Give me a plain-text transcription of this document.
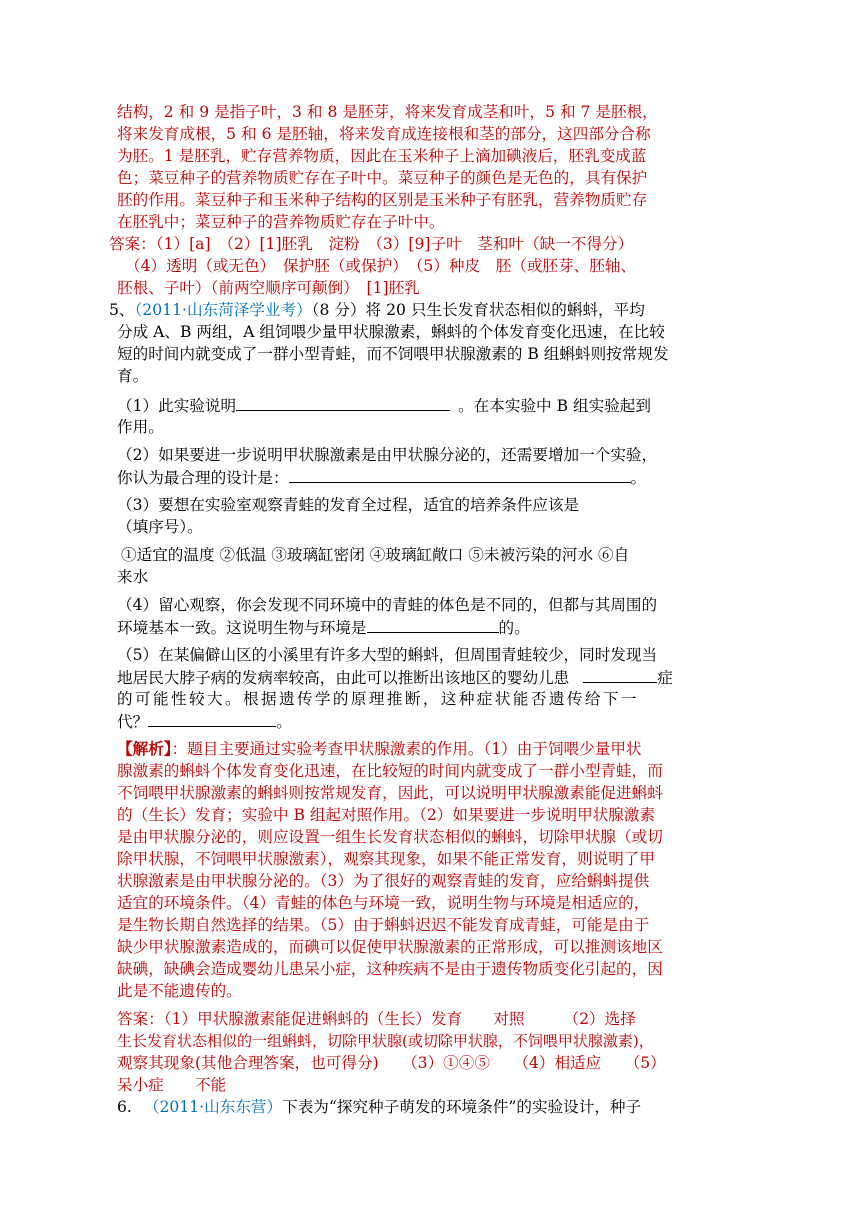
结构，2 和 9 是指子叶，3 和 8 是胚芽，将来发育成茎和叶，5 和 7 是胚根，
将来发育成根，5 和 6 是胚轴，将来发育成连接根和茎的部分，这四部分合称
为胚。1 是胚乳，贮存营养物质，因此在玉米种子上滴加碘液后，胚乳变成蓝
色；菜豆种子的营养物质贮存在子叶中。菜豆种子的颜色是无色的，具有保护
胚的作用。菜豆种子和玉米种子结构的区别是玉米种子有胚乳，营养物质贮存
在胚乳中；菜豆种子的营养物质贮存在子叶中。
答案：（1）[a]　（2）[1]胚乳　淀粉　（3）[9]子叶　茎和叶（缺一不得分）
（4）透明（或无色）　保护胚（或保护）　（5）种皮　胚（或胚芽、胚轴、
胚根、子叶）（前两空顺序可颠倒）　[1]胚乳
5、（2011·山东菏泽学业考）（8 分）将 20 只生长发育状态相似的蝌蚪，平均
分成 A、B 两组，A 组饲喂少量甲状腺激素，蝌蚪的个体发育变化迅速，在比较
短的时间内就变成了一群小型青蛙，而不饲喂甲状腺激素的 B 组蝌蚪则按常规发
育。
（1）此实验说明	。在本实验中 B 组实验起到
作用。
（2）如果要进一步说明甲状腺激素是由甲状腺分泌的，还需要增加一个实验，
你认为最合理的设计是：	。
（3）要想在实验室观察青蛙的发育全过程，适宜的培养条件应该是
（填序号）。
①适宜的温度 ②低温 ③玻璃缸密闭 ④玻璃缸敞口 ⑤未被污染的河水 ⑥自
来水
（4）留心观察，你会发现不同环境中的青蛙的体色是不同的，但都与其周围的
环境基本一致。这说明生物与环境是	的。
（5）在某偏僻山区的小溪里有许多大型的蝌蚪，但周围青蛙较少，同时发现当
地居民大脖子病的发病率较高，由此可以推断出该地区的婴幼儿患	症
的可能性较大。根据遗传学的原理推断，这种症状能否遗传给下一
代？	。
【解析】：题目主要通过实验考查甲状腺激素的作用。（1）由于饲喂少量甲状
腺激素的蝌蚪个体发育变化迅速，在比较短的时间内就变成了一群小型青蛙，而
不饲喂甲状腺激素的蝌蚪则按常规发育，因此，可以说明甲状腺激素能促进蝌蚪
的（生长）发育；实验中 B 组起对照作用。（2）如果要进一步说明甲状腺激素
是由甲状腺分泌的，则应设置一组生长发育状态相似的蝌蚪，切除甲状腺（或切
除甲状腺，不饲喂甲状腺激素），观察其现象，如果不能正常发育，则说明了甲
状腺激素是由甲状腺分泌的。（3）为了很好的观察青蛙的发育，应给蝌蚪提供
适宜的环境条件。（4）青蛙的体色与环境一致，说明生物与环境是相适应的，
是生物长期自然选择的结果。（5）由于蝌蚪迟迟不能发育成青蛙，可能是由于
缺少甲状腺激素造成的，而碘可以促使甲状腺激素的正常形成，可以推测该地区
缺碘，缺碘会造成婴幼儿患呆小症，这种疾病不是由于遗传物质变化引起的，因
此是不能遗传的。
答案：（1）甲状腺激素能促进蝌蚪的（生长）发育　　对照　　　（2）选择
生长发育状态相似的一组蝌蚪，切除甲状腺(或切除甲状腺，不饲喂甲状腺激素)，
观察其现象(其他合理答案，也可得分)　　（3）①④⑤　　（4）相适应　　（5）
呆小症　　不能
6. （2011·山东东营）下表为“探究种子萌发的环境条件”的实验设计，种子
